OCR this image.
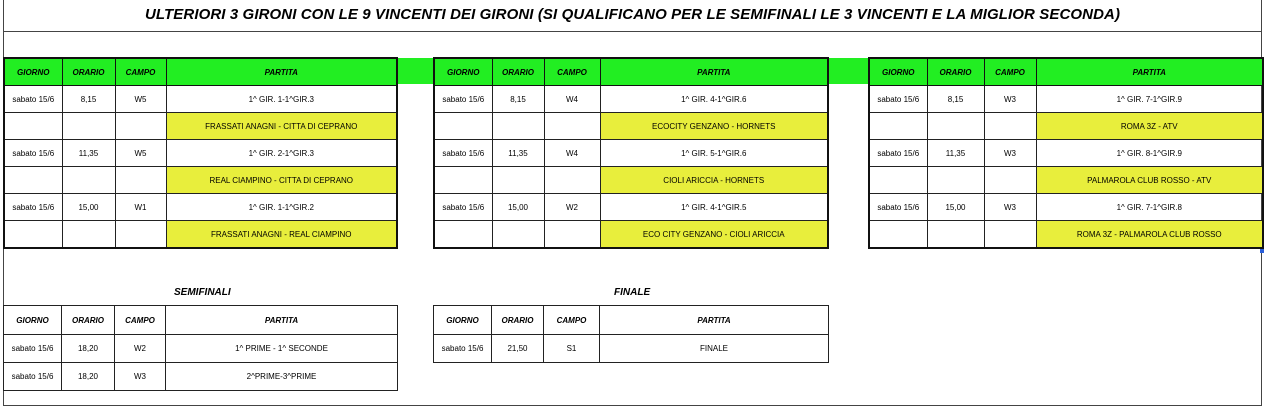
ULTERIORI 3 GIRONI CON LE 9 VINCENTI DEI GIRONI (SI QUALIFICANO PER LE SEMIFINALI LE 3 VINCENTI E LA MIGLIOR SECONDA)
GIORNO	ORARIO	CAMPO	PARTITA
sabato 15/6	8,15	W5	1^ GIR. 1-1^GIR.3
			FRASSATI ANAGNI - CITTA DI CEPRANO
sabato 15/6	11,35	W5	1^ GIR. 2-1^GIR.3
			REAL CIAMPINO - CITTA DI CEPRANO
sabato 15/6	15,00	W1	1^ GIR. 1-1^GIR.2
			FRASSATI ANAGNI - REAL CIAMPINO
GIORNO	ORARIO	CAMPO	PARTITA
sabato 15/6	8,15	W4	1^ GIR. 4-1^GIR.6
			ECOCITY GENZANO - HORNETS
sabato 15/6	11,35	W4	1^ GIR. 5-1^GIR.6
			CIOLI ARICCIA - HORNETS
sabato 15/6	15,00	W2	1^ GIR. 4-1^GIR.5
			ECO CITY GENZANO - CIOLI ARICCIA
GIORNO	ORARIO	CAMPO	PARTITA
sabato 15/6	8,15	W3	1^ GIR. 7-1^GIR.9
			ROMA 3Z - ATV
sabato 15/6	11,35	W3	1^ GIR. 8-1^GIR.9
			PALMAROLA CLUB ROSSO - ATV
sabato 15/6	15,00	W3	1^ GIR. 7-1^GIR.8
			ROMA 3Z - PALMAROLA CLUB ROSSO
SEMIFINALI	FINALE
GIORNO	ORARIO	CAMPO	PARTITA
sabato 15/6	18,20	W2	1^ PRIME - 1^ SECONDE
sabato 15/6	18,20	W3	2^PRIME-3^PRIME
GIORNO	ORARIO	CAMPO	PARTITA
sabato 15/6	21,50	S1	FINALE
